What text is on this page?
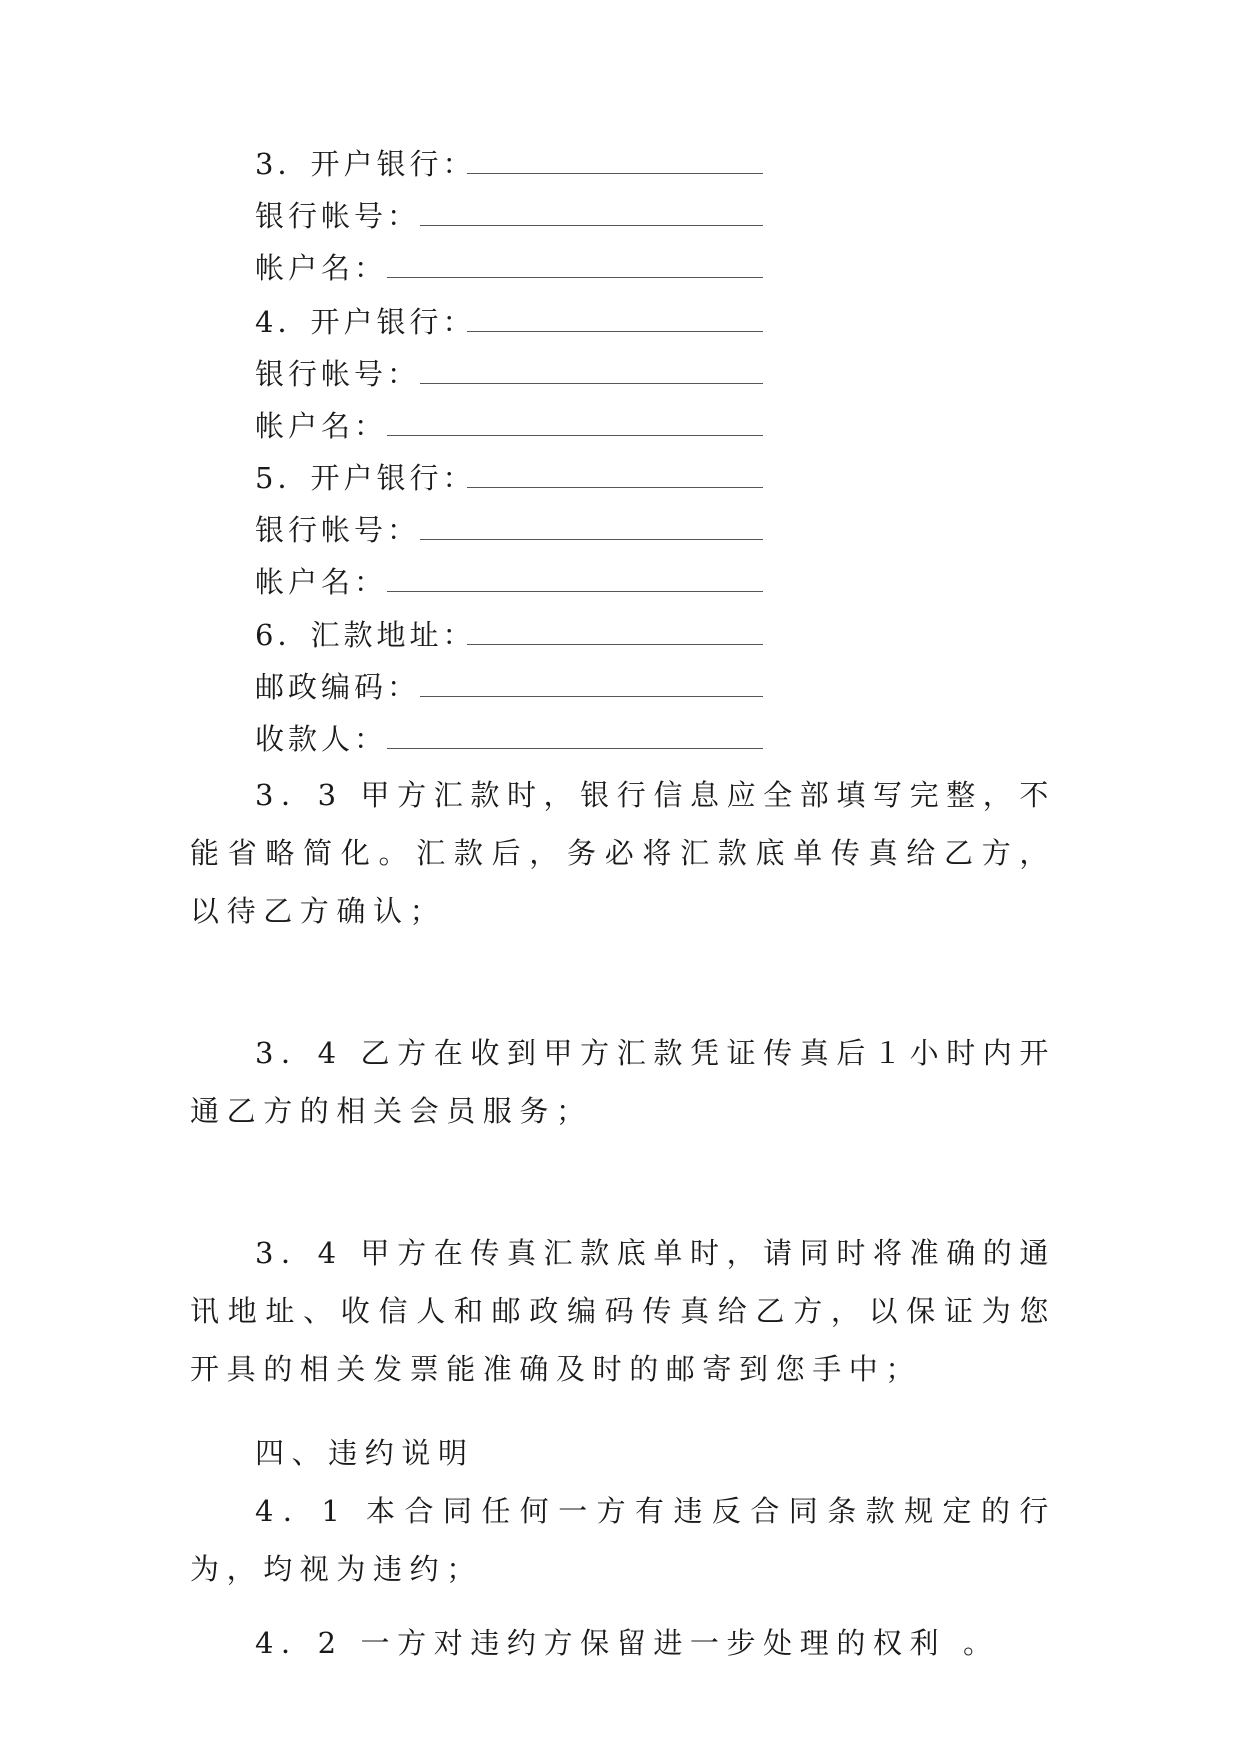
3．开户银行：
银行帐号：
帐户名：
4．开户银行：
银行帐号：
帐户名：
5．开户银行：
银行帐号：
帐户名：
6．汇款地址：
邮政编码：
收款人：

3．3 甲方汇款时，银行信息应全部填写完整，不能省略简化。汇款后，务必将汇款底单传真给乙方，以待乙方确认；

3．4 乙方在收到甲方汇款凭证传真后１小时内开通乙方的相关会员服务；

3．4 甲方在传真汇款底单时，请同时将准确的通讯地址、收信人和邮政编码传真给乙方，以保证为您开具的相关发票能准确及时的邮寄到您手中；

四、违约说明

4．1 本合同任何一方有违反合同条款规定的行为，均视为违约；

4．2 一方对违约方保留进一步处理的权利 。
